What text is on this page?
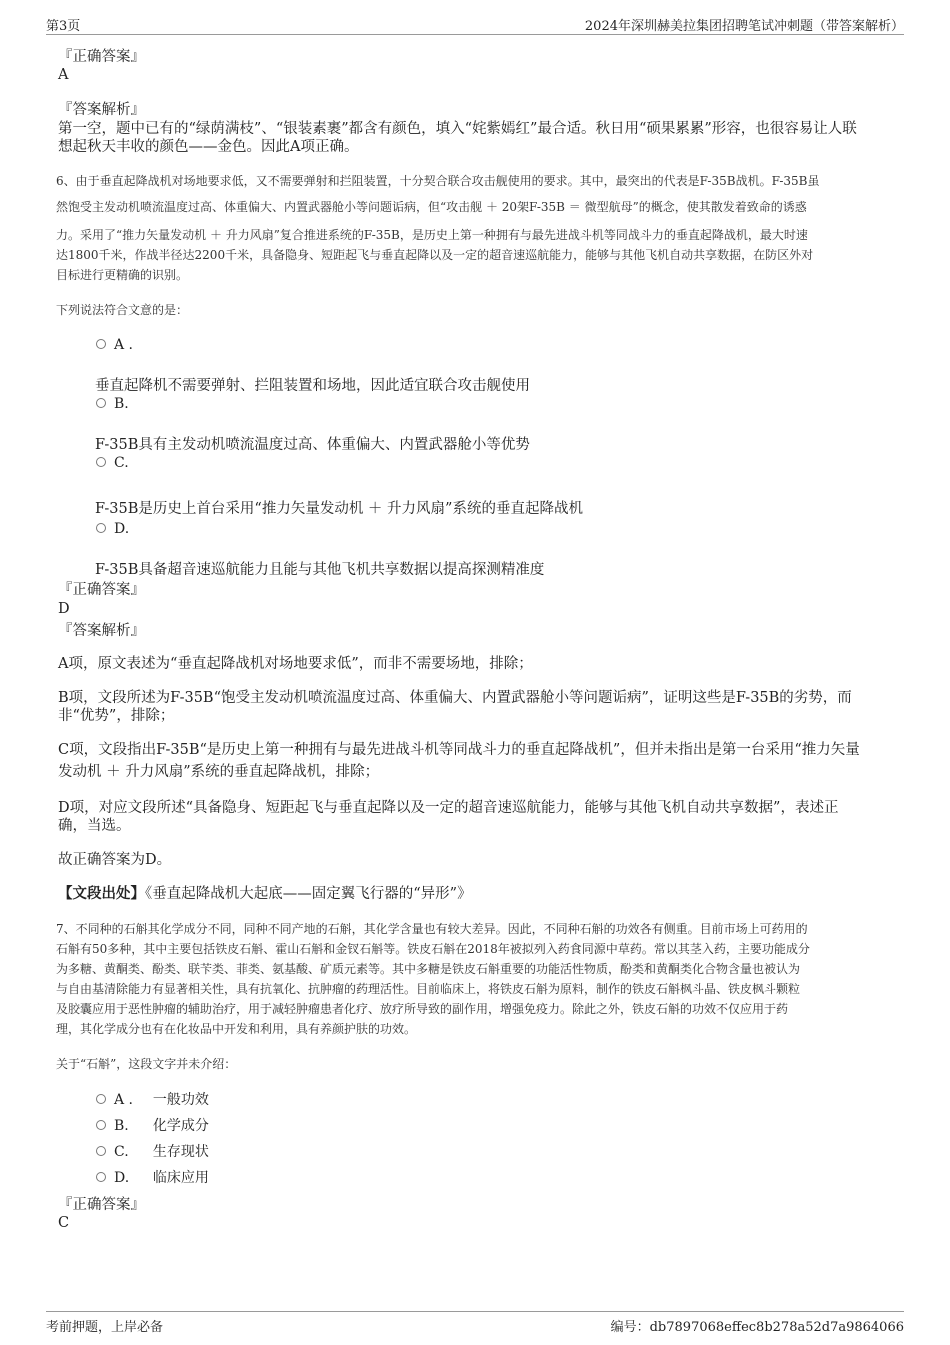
第3页	2024年深圳赫美拉集团招聘笔试冲刺题（带答案解析）
『正确答案』
A
『答案解析』
第一空，题中已有的“绿荫满枝”、“银装素裹”都含有颜色，填入“姹紫嫣红”最合适。秋日用“硕果累累”形容，也很容易让人联
想起秋天丰收的颜色——金色。因此A项正确。
6、由于垂直起降战机对场地要求低，又不需要弹射和拦阻装置，十分契合联合攻击舰使用的要求。其中，最突出的代表是F-35B战机。F-35B虽
然饱受主发动机喷流温度过高、体重偏大、内置武器舱小等问题诟病，但“攻击舰 ＋ 20架F-35B ＝ 微型航母”的概念，使其散发着致命的诱惑
力。采用了“推力矢量发动机 ＋ 升力风扇”复合推进系统的F-35B，是历史上第一种拥有与最先进战斗机等同战斗力的垂直起降战机，最大时速
达1800千米，作战半径达2200千米，具备隐身、短距起飞与垂直起降以及一定的超音速巡航能力，能够与其他飞机自动共享数据，在防区外对
目标进行更精确的识别。
下列说法符合文意的是：
A .
垂直起降机不需要弹射、拦阻装置和场地，因此适宜联合攻击舰使用
B.
F-35B具有主发动机喷流温度过高、体重偏大、内置武器舱小等优势
C.
F-35B是历史上首台采用“推力矢量发动机 ＋ 升力风扇”系统的垂直起降战机
D.
F-35B具备超音速巡航能力且能与其他飞机共享数据以提高探测精准度
『正确答案』
D
『答案解析』
A项，原文表述为“垂直起降战机对场地要求低”，而非不需要场地，排除；
B项，文段所述为F-35B“饱受主发动机喷流温度过高、体重偏大、内置武器舱小等问题诟病”，证明这些是F-35B的劣势，而
非“优势”，排除；
C项，文段指出F-35B“是历史上第一种拥有与最先进战斗机等同战斗力的垂直起降战机”，但并未指出是第一台采用“推力矢量
发动机 ＋ 升力风扇”系统的垂直起降战机，排除；
D项，对应文段所述“具备隐身、短距起飞与垂直起降以及一定的超音速巡航能力，能够与其他飞机自动共享数据”，表述正
确，当选。
故正确答案为D。
【文段出处】《垂直起降战机大起底——固定翼飞行器的“异形”》
7、不同种的石斛其化学成分不同，同种不同产地的石斛，其化学含量也有较大差异。因此，不同种石斛的功效各有侧重。目前市场上可药用的
石斛有50多种，其中主要包括铁皮石斛、霍山石斛和金钗石斛等。铁皮石斛在2018年被拟列入药食同源中草药。常以其茎入药，主要功能成分
为多糖、黄酮类、酚类、联苄类、菲类、氨基酸、矿质元素等。其中多糖是铁皮石斛重要的功能活性物质，酚类和黄酮类化合物含量也被认为
与自由基清除能力有显著相关性，具有抗氧化、抗肿瘤的药理活性。目前临床上，将铁皮石斛为原料，制作的铁皮石斛枫斗晶、铁皮枫斗颗粒
及胶囊应用于恶性肿瘤的辅助治疗，用于减轻肿瘤患者化疗、放疗所导致的副作用，增强免疫力。除此之外，铁皮石斛的功效不仅应用于药
理，其化学成分也有在化妆品中开发和利用，具有养颜护肤的功效。
关于“石斛”，这段文字并未介绍：
A . 一般功效
B. 化学成分
C. 生存现状
D. 临床应用
『正确答案』
C
考前押题，上岸必备	编号：db7897068effec8b278a52d7a9864066
